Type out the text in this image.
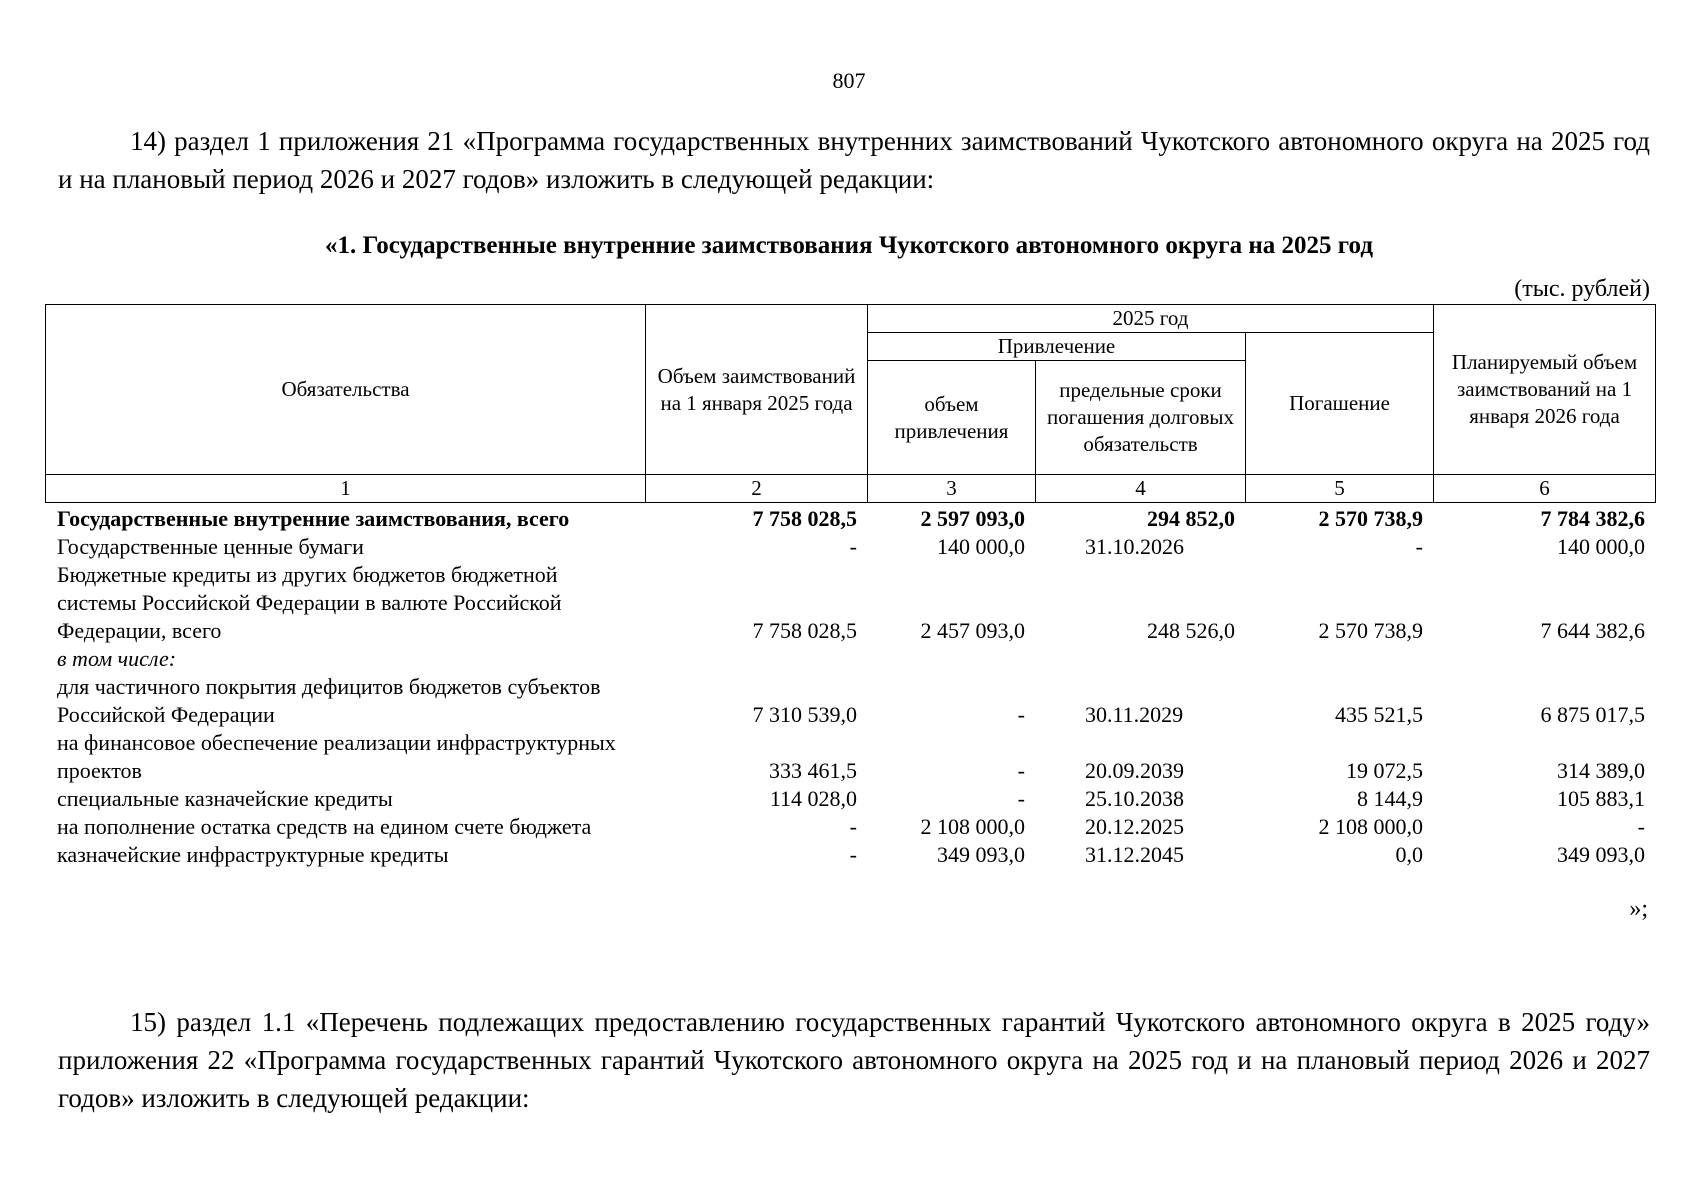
807
14) раздел 1 приложения 21 «Программа государственных внутренних заимствований Чукотского автономного округа на 2025 год и на плановый период 2026 и 2027 годов» изложить в следующей редакции:
«1. Государственные внутренние заимствования Чукотского автономного округа на 2025 год
(тыс. рублей)
Обязательства	Объем заимствований на 1 января 2025 года	2025 год			Планируемый объем заимствований на 1 января 2026 года
		Привлечение		Погашение	
		объем привлечения	предельные сроки погашения долговых обязательств		
1	2	3	4	5	6
Государственные внутренние заимствования, всего	7 758 028,5	2 597 093,0	294 852,0	2 570 738,9	7 784 382,6
Государственные ценные бумаги	-	140 000,0	31.10.2026	-	140 000,0
Бюджетные кредиты из других бюджетов бюджетной системы Российской Федерации в валюте Российской Федерации, всего	7 758 028,5	2 457 093,0	248 526,0	2 570 738,9	7 644 382,6
в том числе:					
для частичного покрытия дефицитов бюджетов субъектов Российской Федерации	7 310 539,0	-	30.11.2029	435 521,5	6 875 017,5
на финансовое обеспечение реализации инфраструктурных проектов	333 461,5	-	20.09.2039	19 072,5	314 389,0
специальные казначейские кредиты	114 028,0	-	25.10.2038	8 144,9	105 883,1
на пополнение остатка средств на едином счете бюджета	-	2 108 000,0	20.12.2025	2 108 000,0	-
казначейские инфраструктурные кредиты	-	349 093,0	31.12.2045	0,0	349 093,0
»;
15) раздел 1.1 «Перечень подлежащих предоставлению государственных гарантий Чукотского автономного округа в 2025 году» приложения 22 «Программа государственных гарантий Чукотского автономного округа на 2025 год и на плановый период 2026 и 2027 годов» изложить в следующей редакции:
